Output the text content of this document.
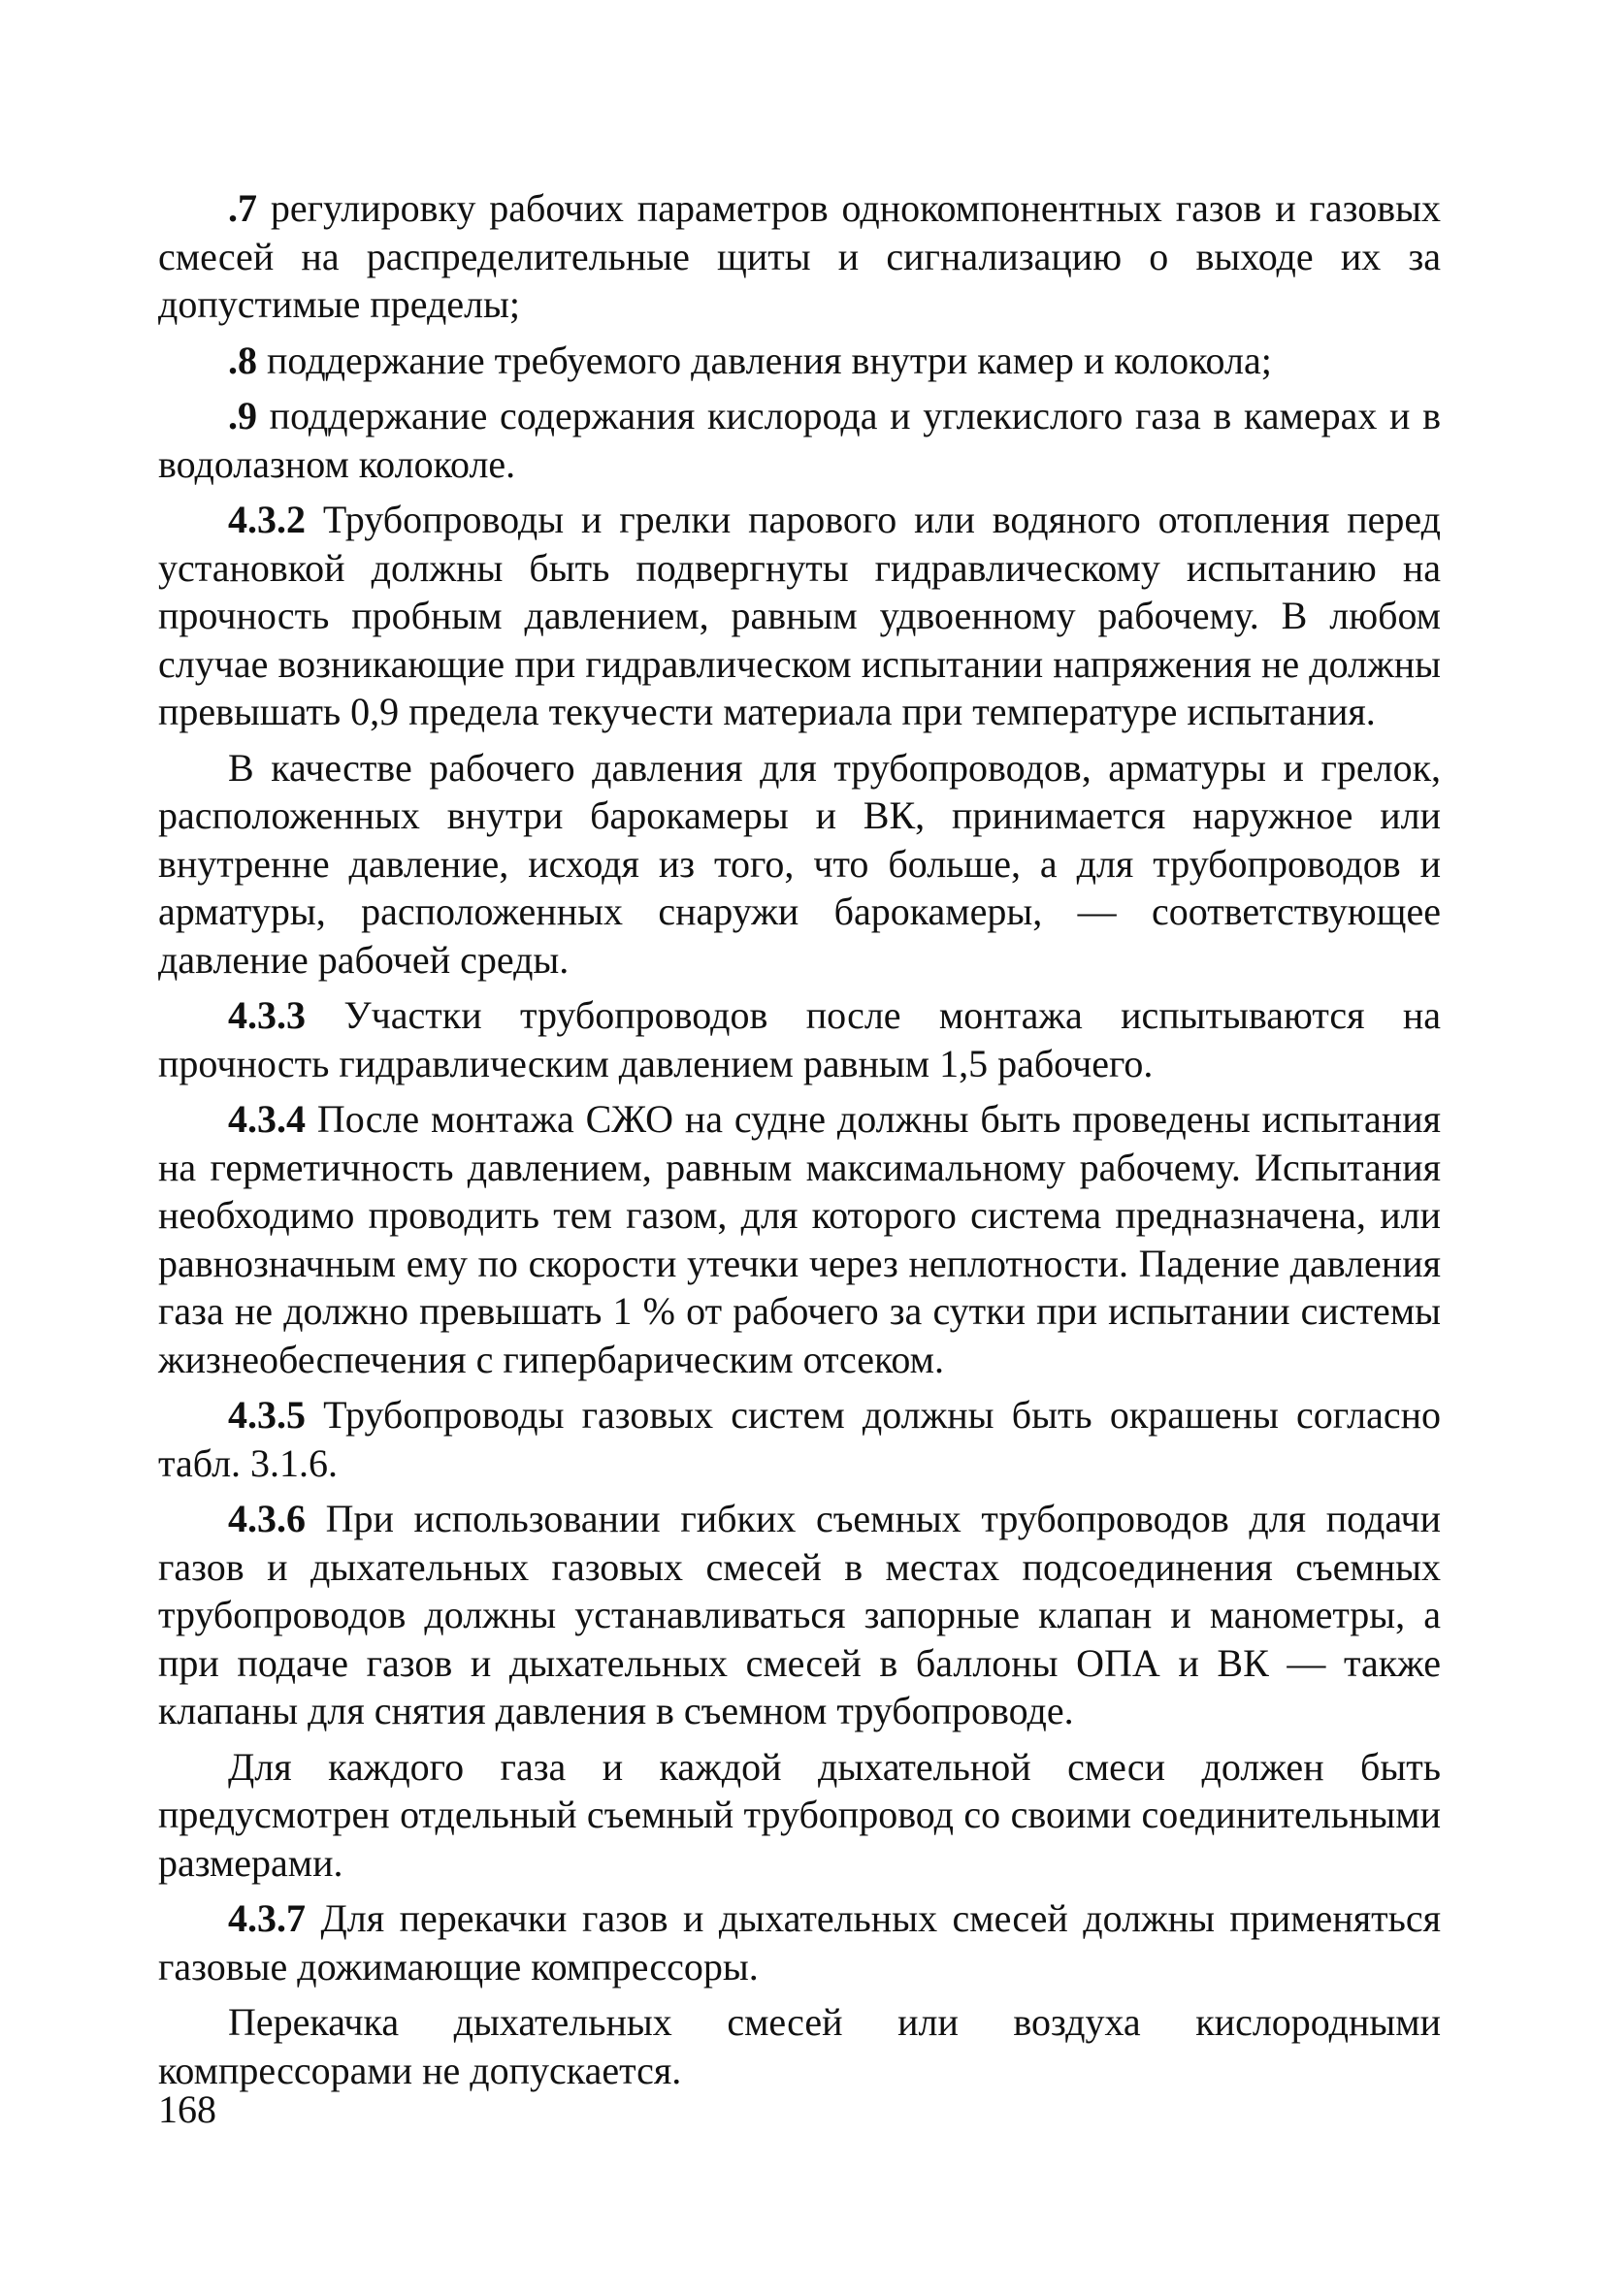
.7 регулировку рабочих параметров однокомпонентных газов и газовых смесей на распределительные щиты и сигнализацию о выходе их за допустимые пределы;

.8 поддержание требуемого давления внутри камер и колокола;

.9 поддержание содержания кислорода и углекислого газа в камерах и в водолазном колоколе.

4.3.2 Трубопроводы и грелки парового или водяного отопления перед установкой должны быть подвергнуты гидравлическому испытанию на прочность пробным давлением, равным удвоенному рабочему. В любом случае возникающие при гидравлическом испытании напряжения не должны превышать 0,9 предела текучести материала при температуре испытания.

В качестве рабочего давления для трубопроводов, арматуры и грелок, расположенных внутри барокамеры и ВК, принимается наружное или внутренне давление, исходя из того, что больше, а для трубопроводов и арматуры, расположенных снаружи барокамеры, — соответствующее давление рабочей среды.

4.3.3 Участки трубопроводов после монтажа испытываются на прочность гидравлическим давлением равным 1,5 рабочего.

4.3.4 После монтажа СЖО на судне должны быть проведены испытания на герметичность давлением, равным максимальному рабочему. Испытания необходимо проводить тем газом, для которого система предназначена, или равнозначным ему по скорости утечки через неплотности. Падение давления газа не должно превышать 1 % от рабочего за сутки при испытании системы жизнеобеспечения с гипербарическим отсеком.

4.3.5 Трубопроводы газовых систем должны быть окрашены согласно табл. 3.1.6.

4.3.6 При использовании гибких съемных трубопроводов для подачи газов и дыхательных газовых смесей в местах подсоединения съемных трубопроводов должны устанавливаться запорные клапан и манометры, а при подаче газов и дыхательных смесей в баллоны ОПА и ВК — также клапаны для снятия давления в съемном трубопроводе.

Для каждого газа и каждой дыхательной смеси должен быть предусмотрен отдельный съемный трубопровод со своими соединительными размерами.

4.3.7 Для перекачки газов и дыхательных смесей должны применяться газовые дожимающие компрессоры.

Перекачка дыхательных смесей или воздуха кислородными компрессорами не допускается.

168
